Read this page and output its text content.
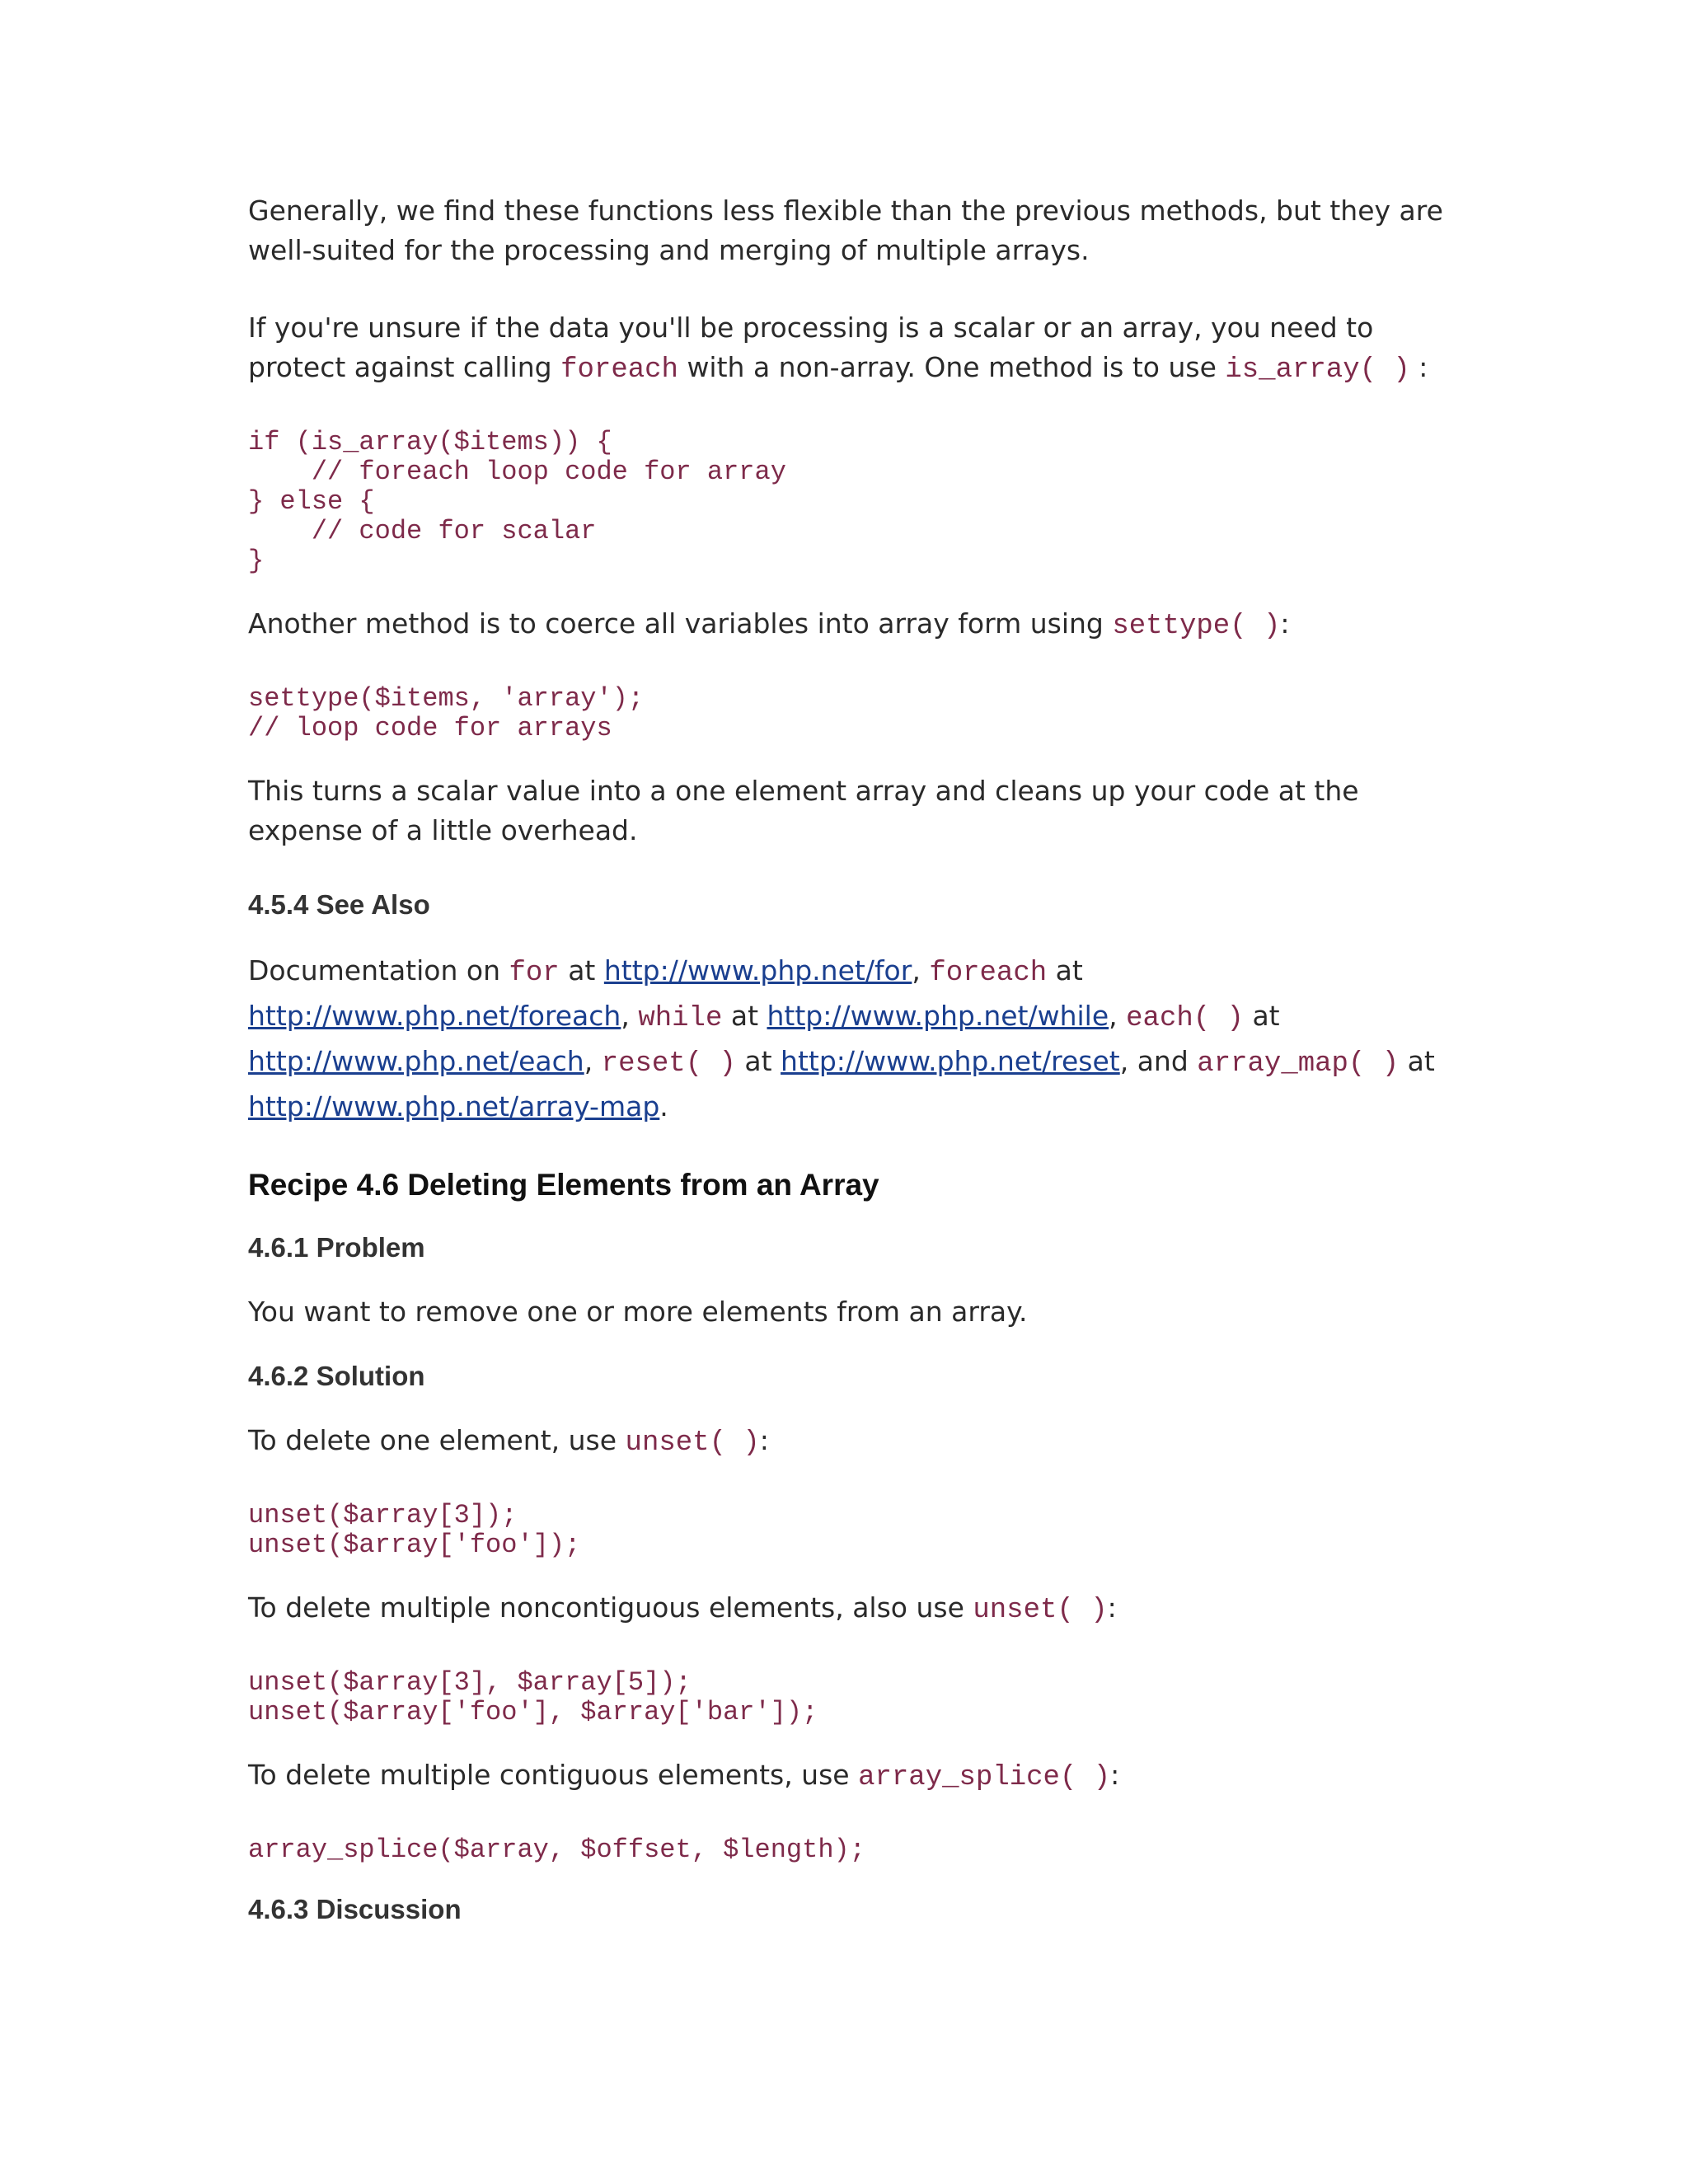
Generally, we find these functions less flexible than the previous methods, but they are well-suited for the processing and merging of multiple arrays.

If you're unsure if the data you'll be processing is a scalar or an array, you need to protect against calling foreach with a non-array. One method is to use is_array( ) :

if (is_array($items)) {
// foreach loop code for array
} else {
// code for scalar
}

Another method is to coerce all variables into array form using settype( ):

settype($items, 'array');
// loop code for arrays

This turns a scalar value into a one element array and cleans up your code at the expense of a little overhead.

4.5.4 See Also

Documentation on for at http://www.php.net/for, foreach at http://www.php.net/foreach, while at http://www.php.net/while, each( ) at http://www.php.net/each, reset( ) at http://www.php.net/reset, and array_map( ) at http://www.php.net/array-map.

Recipe 4.6 Deleting Elements from an Array
4.6.1 Problem

You want to remove one or more elements from an array.

4.6.2 Solution

To delete one element, use unset( ):

unset($array[3]);
unset($array['foo']);

To delete multiple noncontiguous elements, also use unset( ):

unset($array[3], $array[5]);
unset($array['foo'], $array['bar']);

To delete multiple contiguous elements, use array_splice( ):

array_splice($array, $offset, $length);
4.6.3 Discussion
